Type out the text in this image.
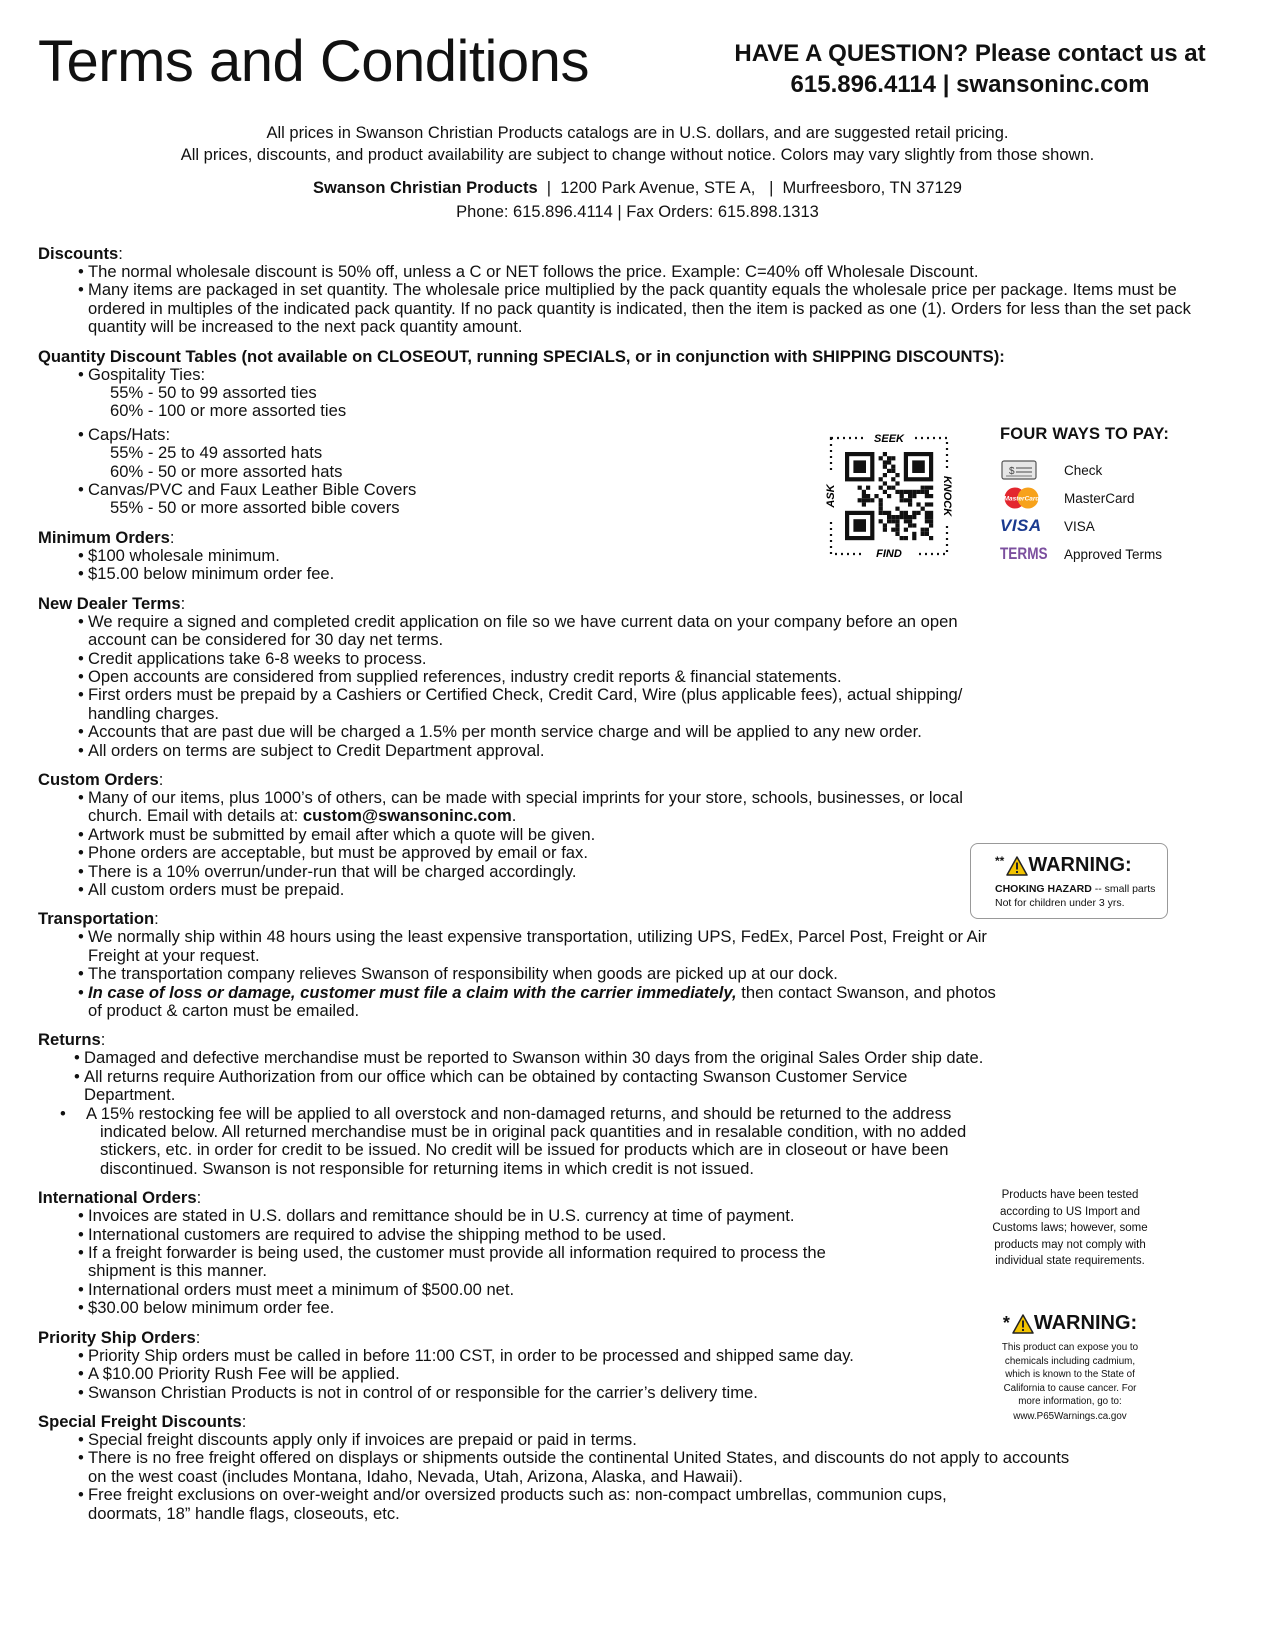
Terms and Conditions	HAVE A QUESTION? Please contact us at
615.896.4114 | swansoninc.com
All prices in Swanson Christian Products catalogs are in U.S. dollars, and are suggested retail pricing.
All prices, discounts, and product availability are subject to change without notice. Colors may vary slightly from those shown.
Swanson Christian Products  |  1200 Park Avenue, STE A,   |  Murfreesboro, TN 37129
Phone: 615.896.4114 | Fax Orders: 615.898.1313
Discounts:
• The normal wholesale discount is 50% off, unless a C or NET follows the price. Example: C=40% off Wholesale Discount.
• Many items are packaged in set quantity. The wholesale price multiplied by the pack quantity equals the wholesale price per package. Items must be ordered in multiples of the indicated pack quantity. If no pack quantity is indicated, then the item is packed as one (1). Orders for less than the set pack quantity will be increased to the next pack quantity amount.
Quantity Discount Tables (not available on CLOSEOUT, running SPECIALS, or in conjunction with SHIPPING DISCOUNTS):
• Gospitality Ties:
55% - 50 to 99 assorted ties
60% - 100 or more assorted ties
• Caps/Hats:
55% - 25 to 49 assorted hats
60% - 50 or more assorted hats
• Canvas/PVC and Faux Leather Bible Covers
55% - 50 or more assorted bible covers
Minimum Orders:
• $100 wholesale minimum.
• $15.00 below minimum order fee.
New Dealer Terms:
• We require a signed and completed credit application on file so we have current data on your company before an open account can be considered for 30 day net terms.
• Credit applications take 6-8 weeks to process.
• Open accounts are considered from supplied references, industry credit reports & financial statements.
• First orders must be prepaid by a Cashiers or Certified Check, Credit Card, Wire (plus applicable fees), actual shipping/ handling charges.
• Accounts that are past due will be charged a 1.5% per month service charge and will be applied to any new order.
• All orders on terms are subject to Credit Department approval.
Custom Orders:
• Many of our items, plus 1000’s of others, can be made with special imprints for your store, schools, businesses, or local church. Email with details at: custom@swansoninc.com.
• Artwork must be submitted by email after which a quote will be given.
• Phone orders are acceptable, but must be approved by email or fax.
• There is a 10% overrun/under-run that will be charged accordingly.
• All custom orders must be prepaid.
Transportation:
• We normally ship within 48 hours using the least expensive transportation, utilizing UPS, FedEx, Parcel Post, Freight or Air Freight at your request.
• The transportation company relieves Swanson of responsibility when goods are picked up at our dock.
• In case of loss or damage, customer must file a claim with the carrier immediately, then contact Swanson, and photos of product & carton must be emailed.
Returns:
• Damaged and defective merchandise must be reported to Swanson within 30 days from the original Sales Order ship date.
• All returns require Authorization from our office which can be obtained by contacting Swanson Customer Service Department.
• A 15% restocking fee will be applied to all overstock and non-damaged returns, and should be returned to the address indicated below. All returned merchandise must be in original pack quantities and in resalable condition, with no added stickers, etc. in order for credit to be issued. No credit will be issued for products which are in closeout or have been discontinued. Swanson is not responsible for returning items in which credit is not issued.
International Orders:
• Invoices are stated in U.S. dollars and remittance should be in U.S. currency at time of payment.
• International customers are required to advise the shipping method to be used.
• If a freight forwarder is being used, the customer must provide all information required to process the shipment is this manner.
• International orders must meet a minimum of $500.00 net.
• $30.00 below minimum order fee.
Priority Ship Orders:
• Priority Ship orders must be called in before 11:00 CST, in order to be processed and shipped same day.
• A $10.00 Priority Rush Fee will be applied.
• Swanson Christian Products is not in control of or responsible for the carrier’s delivery time.
Special Freight Discounts:
• Special freight discounts apply only if invoices are prepaid or paid in terms.
• There is no free freight offered on displays or shipments outside the continental United States, and discounts do not apply to accounts on the west coast (includes Montana, Idaho, Nevada, Utah, Arizona, Alaska, and Hawaii).
• Free freight exclusions on over-weight and/or oversized products such as: non-compact umbrellas, communion cups, doormats, 18” handle flags, closeouts, etc.
SEEK
FIND
ASK	KNOCK
FOUR WAYS TO PAY:
$	Check
MasterCard MasterCard
VISA VISA
TERMS Approved Terms
** WARNING:
CHOKING HAZARD -- small parts
Not for children under 3 yrs.
Products have been tested according to US Import and Customs laws; however, some products may not comply with individual state requirements.
* WARNING:
This product can expose you to chemicals including cadmium, which is known to the State of California to cause cancer. For more information, go to:
www.P65Warnings.ca.gov
